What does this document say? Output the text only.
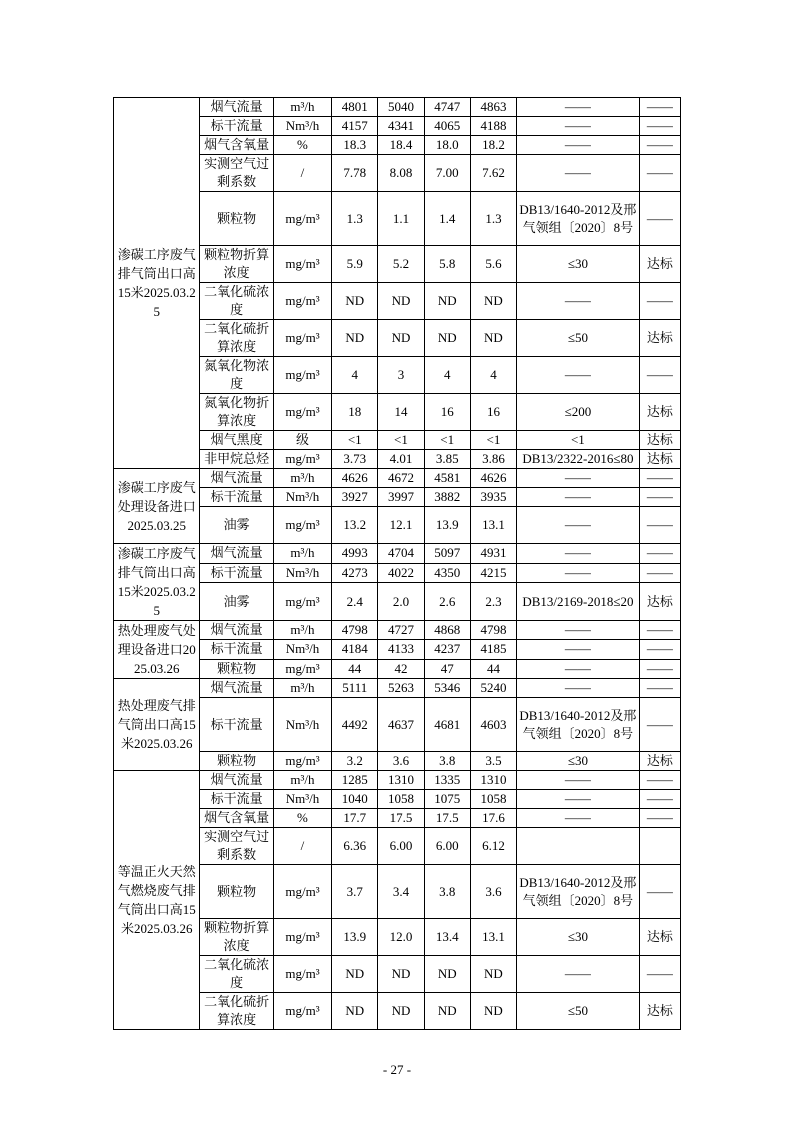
渗碳工序废气排气筒出口高15米2025.03.25	烟气流量	m³/h	4801	5040	4747	4863	——	——
	标干流量	Nm³/h	4157	4341	4065	4188	——	——
	烟气含氧量	%	18.3	18.4	18.0	18.2	——	——
	实测空气过剩系数	/	7.78	8.08	7.00	7.62	——	——
	颗粒物	mg/m³	1.3	1.1	1.4	1.3	DB13/1640-2012及邢气领组〔2020〕8号	——
	颗粒物折算浓度	mg/m³	5.9	5.2	5.8	5.6	≤30	达标
	二氧化硫浓度	mg/m³	ND	ND	ND	ND	——	——
	二氧化硫折算浓度	mg/m³	ND	ND	ND	ND	≤50	达标
	氮氧化物浓度	mg/m³	4	3	4	4	——	——
	氮氧化物折算浓度	mg/m³	18	14	16	16	≤200	达标
	烟气黑度	级	<1	<1	<1	<1	<1	达标
	非甲烷总烃	mg/m³	3.73	4.01	3.85	3.86	DB13/2322-2016≤80	达标
渗碳工序废气处理设备进口2025.03.25	烟气流量	m³/h	4626	4672	4581	4626	——	——
	标干流量	Nm³/h	3927	3997	3882	3935	——	——
	油雾	mg/m³	13.2	12.1	13.9	13.1	——	——
渗碳工序废气排气筒出口高15米2025.03.25	烟气流量	m³/h	4993	4704	5097	4931	——	——
	标干流量	Nm³/h	4273	4022	4350	4215	——	——
	油雾	mg/m³	2.4	2.0	2.6	2.3	DB13/2169-2018≤20	达标
热处理废气处理设备进口2025.03.26	烟气流量	m³/h	4798	4727	4868	4798	——	——
	标干流量	Nm³/h	4184	4133	4237	4185	——	——
	颗粒物	mg/m³	44	42	47	44	——	——
热处理废气排气筒出口高15米2025.03.26	烟气流量	m³/h	5111	5263	5346	5240	——	——
	标干流量	Nm³/h	4492	4637	4681	4603	DB13/1640-2012及邢气领组〔2020〕8号	——
	颗粒物	mg/m³	3.2	3.6	3.8	3.5	≤30	达标
等温正火天然气燃烧废气排气筒出口高15米2025.03.26	烟气流量	m³/h	1285	1310	1335	1310	——	——
	标干流量	Nm³/h	1040	1058	1075	1058	——	——
	烟气含氧量	%	17.7	17.5	17.5	17.6	——	——
	实测空气过剩系数	/	6.36	6.00	6.00	6.12		
	颗粒物	mg/m³	3.7	3.4	3.8	3.6	DB13/1640-2012及邢气领组〔2020〕8号	——
	颗粒物折算浓度	mg/m³	13.9	12.0	13.4	13.1	≤30	达标
	二氧化硫浓度	mg/m³	ND	ND	ND	ND	——	——
	二氧化硫折算浓度	mg/m³	ND	ND	ND	ND	≤50	达标
- 27 -
